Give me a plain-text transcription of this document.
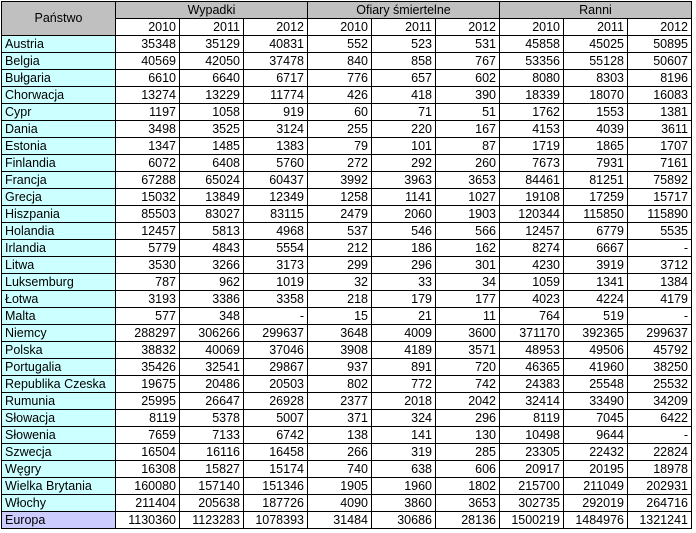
Państwo	Wypadki			Ofiary śmiertelne			Ranni		
	2010	2011	2012	2010	2011	2012	2010	2011	2012
Austria	35348	35129	40831	552	523	531	45858	45025	50895
Belgia	40569	42050	37478	840	858	767	53356	55128	50607
Bułgaria	6610	6640	6717	776	657	602	8080	8303	8196
Chorwacja	13274	13229	11774	426	418	390	18339	18070	16083
Cypr	1197	1058	919	60	71	51	1762	1553	1381
Dania	3498	3525	3124	255	220	167	4153	4039	3611
Estonia	1347	1485	1383	79	101	87	1719	1865	1707
Finlandia	6072	6408	5760	272	292	260	7673	7931	7161
Francja	67288	65024	60437	3992	3963	3653	84461	81251	75892
Grecja	15032	13849	12349	1258	1141	1027	19108	17259	15717
Hiszpania	85503	83027	83115	2479	2060	1903	120344	115850	115890
Holandia	12457	5813	4968	537	546	566	12457	6779	5535
Irlandia	5779	4843	5554	212	186	162	8274	6667	-
Litwa	3530	3266	3173	299	296	301	4230	3919	3712
Luksemburg	787	962	1019	32	33	34	1059	1341	1384
Łotwa	3193	3386	3358	218	179	177	4023	4224	4179
Malta	577	348	-	15	21	11	764	519	-
Niemcy	288297	306266	299637	3648	4009	3600	371170	392365	299637
Polska	38832	40069	37046	3908	4189	3571	48953	49506	45792
Portugalia	35426	32541	29867	937	891	720	46365	41960	38250
Republika Czeska	19675	20486	20503	802	772	742	24383	25548	25532
Rumunia	25995	26647	26928	2377	2018	2042	32414	33490	34209
Słowacja	8119	5378	5007	371	324	296	8119	7045	6422
Słowenia	7659	7133	6742	138	141	130	10498	9644	-
Szwecja	16504	16116	16458	266	319	285	23305	22432	22824
Węgry	16308	15827	15174	740	638	606	20917	20195	18978
Wielka Brytania	160080	157140	151346	1905	1960	1802	215700	211049	202931
Włochy	211404	205638	187726	4090	3860	3653	302735	292019	264716
Europa	1130360	1123283	1078393	31484	30686	28136	1500219	1484976	1321241
